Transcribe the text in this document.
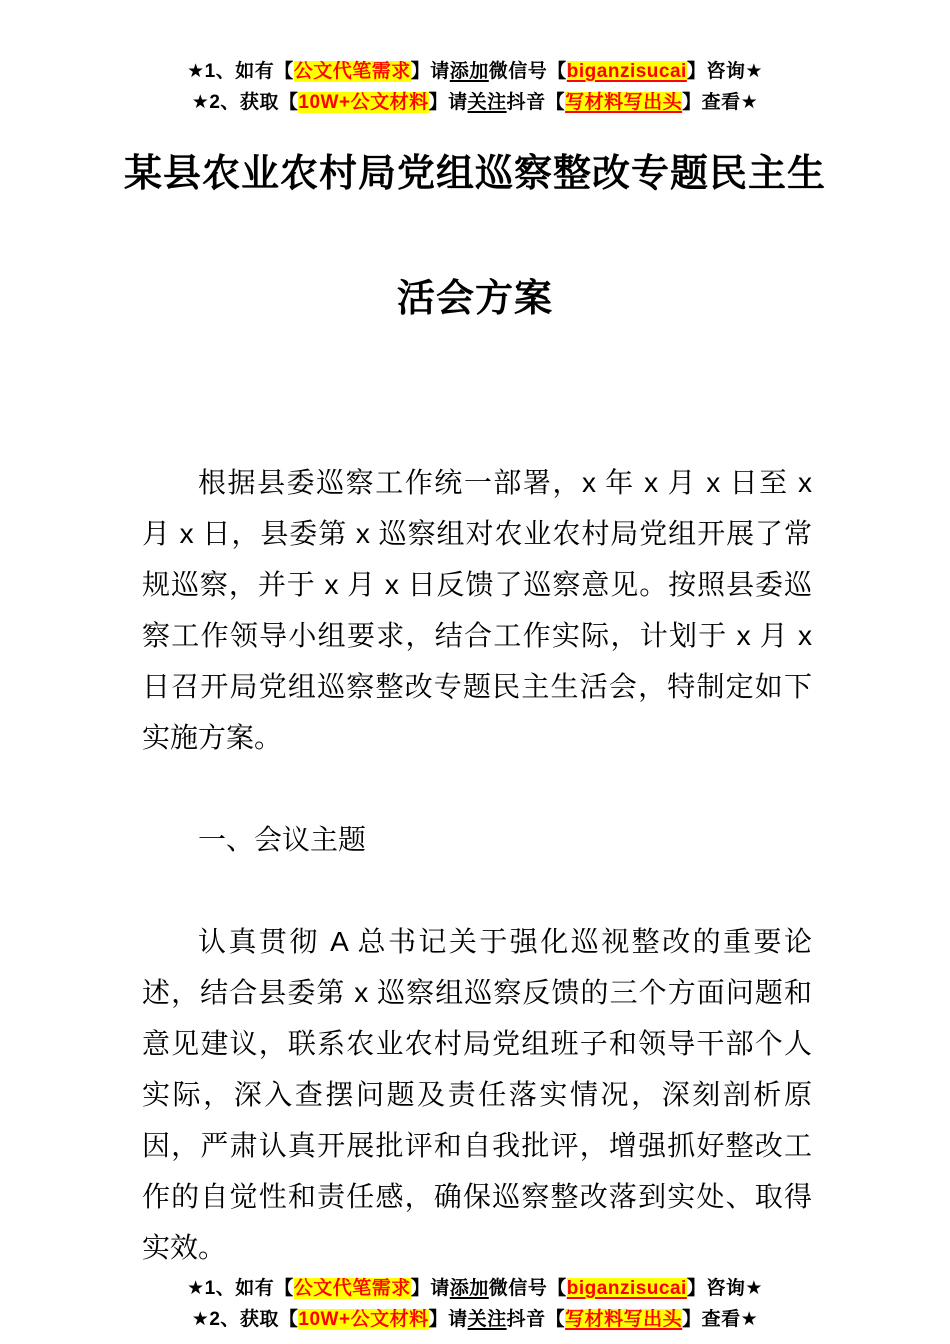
★1、如有【公文代笔需求】请添加微信号【biganzisucai】咨询★
★2、获取【10W+公文材料】请关注抖音【写材料写出头】查看★
某县农业农村局党组巡察整改专题民主生
活会方案

根据县委巡察工作统一部署，x 年 x 月 x 日至 x 月 x 日，县委第 x 巡察组对农业农村局党组开展了常规巡察，并于 x 月 x 日反馈了巡察意见。按照县委巡察工作领导小组要求，结合工作实际，计划于 x 月 x 日召开局党组巡察整改专题民主生活会，特制定如下实施方案。

一、会议主题

认真贯彻 A 总书记关于强化巡视整改的重要论述，结合县委第 x 巡察组巡察反馈的三个方面问题和意见建议，联系农业农村局党组班子和领导干部个人实际，深入查摆问题及责任落实情况，深刻剖析原因，严肃认真开展批评和自我批评，增强抓好整改工作的自觉性和责任感，确保巡察整改落到实处、取得实效。

★1、如有【公文代笔需求】请添加微信号【biganzisucai】咨询★
★2、获取【10W+公文材料】请关注抖音【写材料写出头】查看★
